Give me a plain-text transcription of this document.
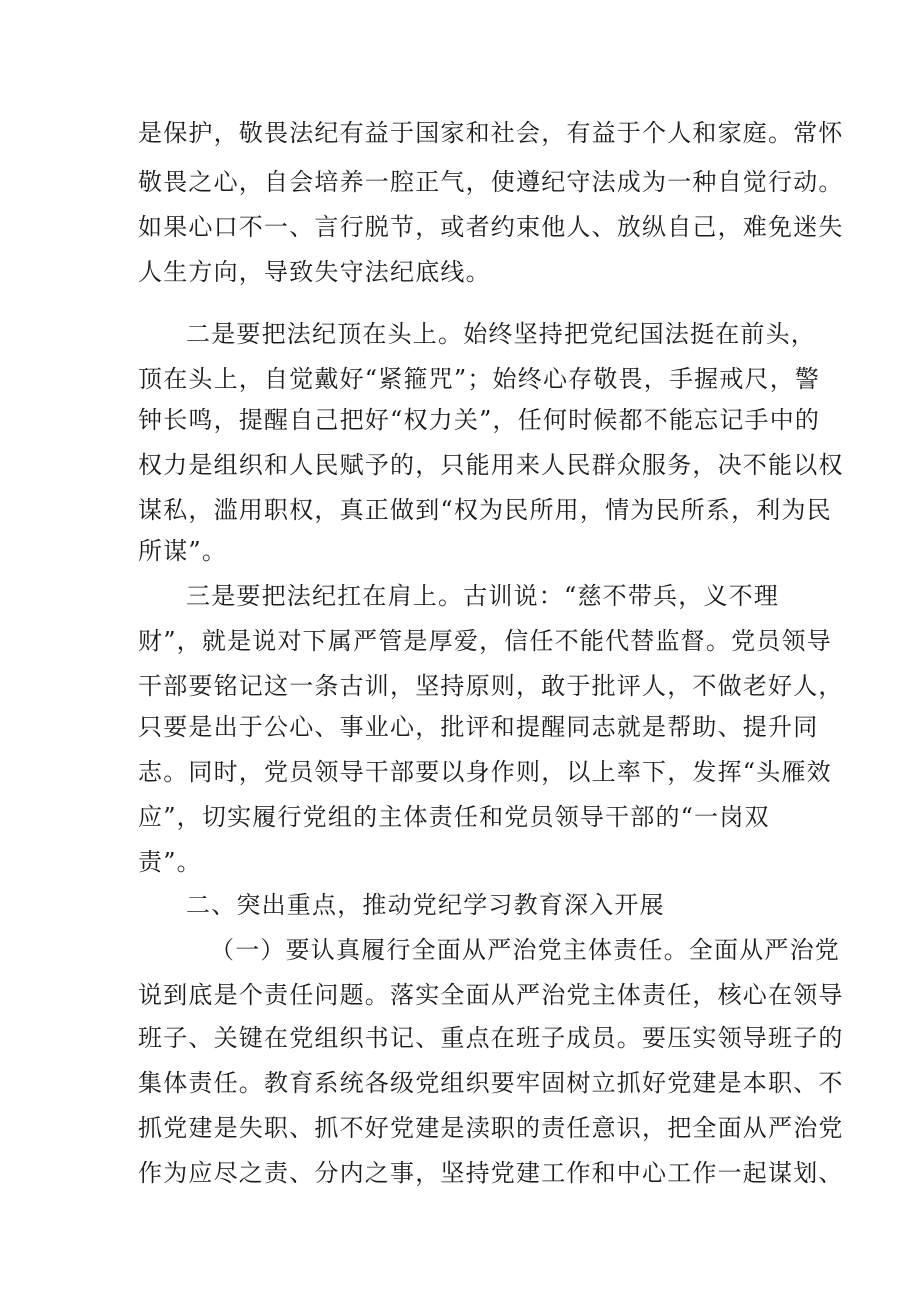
是保护，敬畏法纪有益于国家和社会，有益于个人和家庭。常怀
敬畏之心，自会培养一腔正气，使遵纪守法成为一种自觉行动。
如果心口不一、言行脱节，或者约束他人、放纵自己，难免迷失
人生方向，导致失守法纪底线。
二是要把法纪顶在头上。始终坚持把党纪国法挺在前头，
顶在头上，自觉戴好“紧箍咒”；始终心存敬畏，手握戒尺，警
钟长鸣，提醒自己把好“权力关”，任何时候都不能忘记手中的
权力是组织和人民赋予的，只能用来人民群众服务，决不能以权
谋私，滥用职权，真正做到“权为民所用，情为民所系，利为民
所谋”。
三是要把法纪扛在肩上。古训说：“慈不带兵，义不理
财”，就是说对下属严管是厚爱，信任不能代替监督。党员领导
干部要铭记这一条古训，坚持原则，敢于批评人，不做老好人，
只要是出于公心、事业心，批评和提醒同志就是帮助、提升同
志。同时，党员领导干部要以身作则，以上率下，发挥“头雁效
应”，切实履行党组的主体责任和党员领导干部的“一岗双
责”。
二、突出重点，推动党纪学习教育深入开展
（一）要认真履行全面从严治党主体责任。全面从严治党
说到底是个责任问题。落实全面从严治党主体责任，核心在领导
班子、关键在党组织书记、重点在班子成员。要压实领导班子的
集体责任。教育系统各级党组织要牢固树立抓好党建是本职、不
抓党建是失职、抓不好党建是渎职的责任意识，把全面从严治党
作为应尽之责、分内之事，坚持党建工作和中心工作一起谋划、
